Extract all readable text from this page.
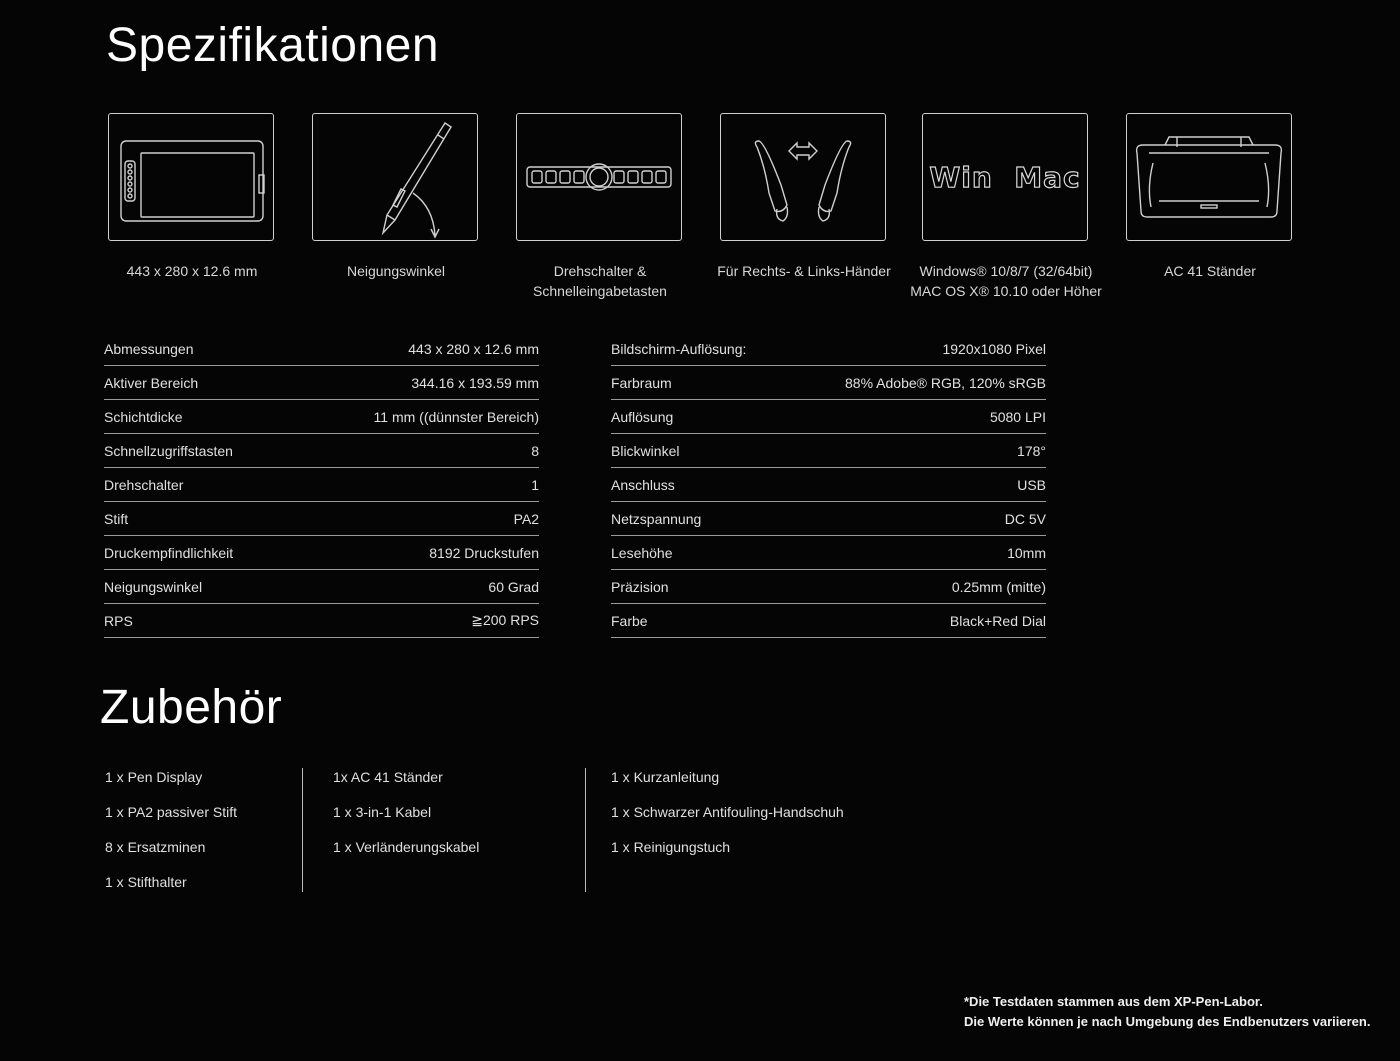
Spezifikationen
443 x 280 x 12.6 mm	Neigungswinkel	Drehschalter &
Schnelleingabetasten
Für Rechts- & Links-Händer
Win Mac
Windows® 10/8/7 (32/64bit)
MAC OS X® 10.10 oder Höher
AC 41 Ständer
Abmessungen	443 x 280 x 12.6 mm
Aktiver Bereich	344.16 x 193.59 mm
Schichtdicke	11 mm ((dünnster Bereich)
Schnellzugriffstasten	8
Drehschalter	1
Stift	PA2
Druckempfindlichkeit	8192 Druckstufen
Neigungswinkel	60 Grad
RPS	≧200 RPS
Bildschirm-Auflösung:	1920x1080 Pixel
Farbraum	88% Adobe® RGB, 120% sRGB
Auflösung	5080 LPI
Blickwinkel	178°
Anschluss	USB
Netzspannung	DC 5V
Lesehöhe	10mm
Präzision	0.25mm (mitte)
Farbe	Black+Red Dial
Zubehör
1 x Pen Display
1 x PA2 passiver Stift
8 x Ersatzminen
1 x Stifthalter
1x AC 41 Ständer
1 x 3-in-1 Kabel
1 x Verländerungskabel
1 x Kurzanleitung
1 x Schwarzer Antifouling-Handschuh
1 x Reinigungstuch
*Die Testdaten stammen aus dem XP-Pen-Labor.
Die Werte können je nach Umgebung des Endbenutzers variieren.
